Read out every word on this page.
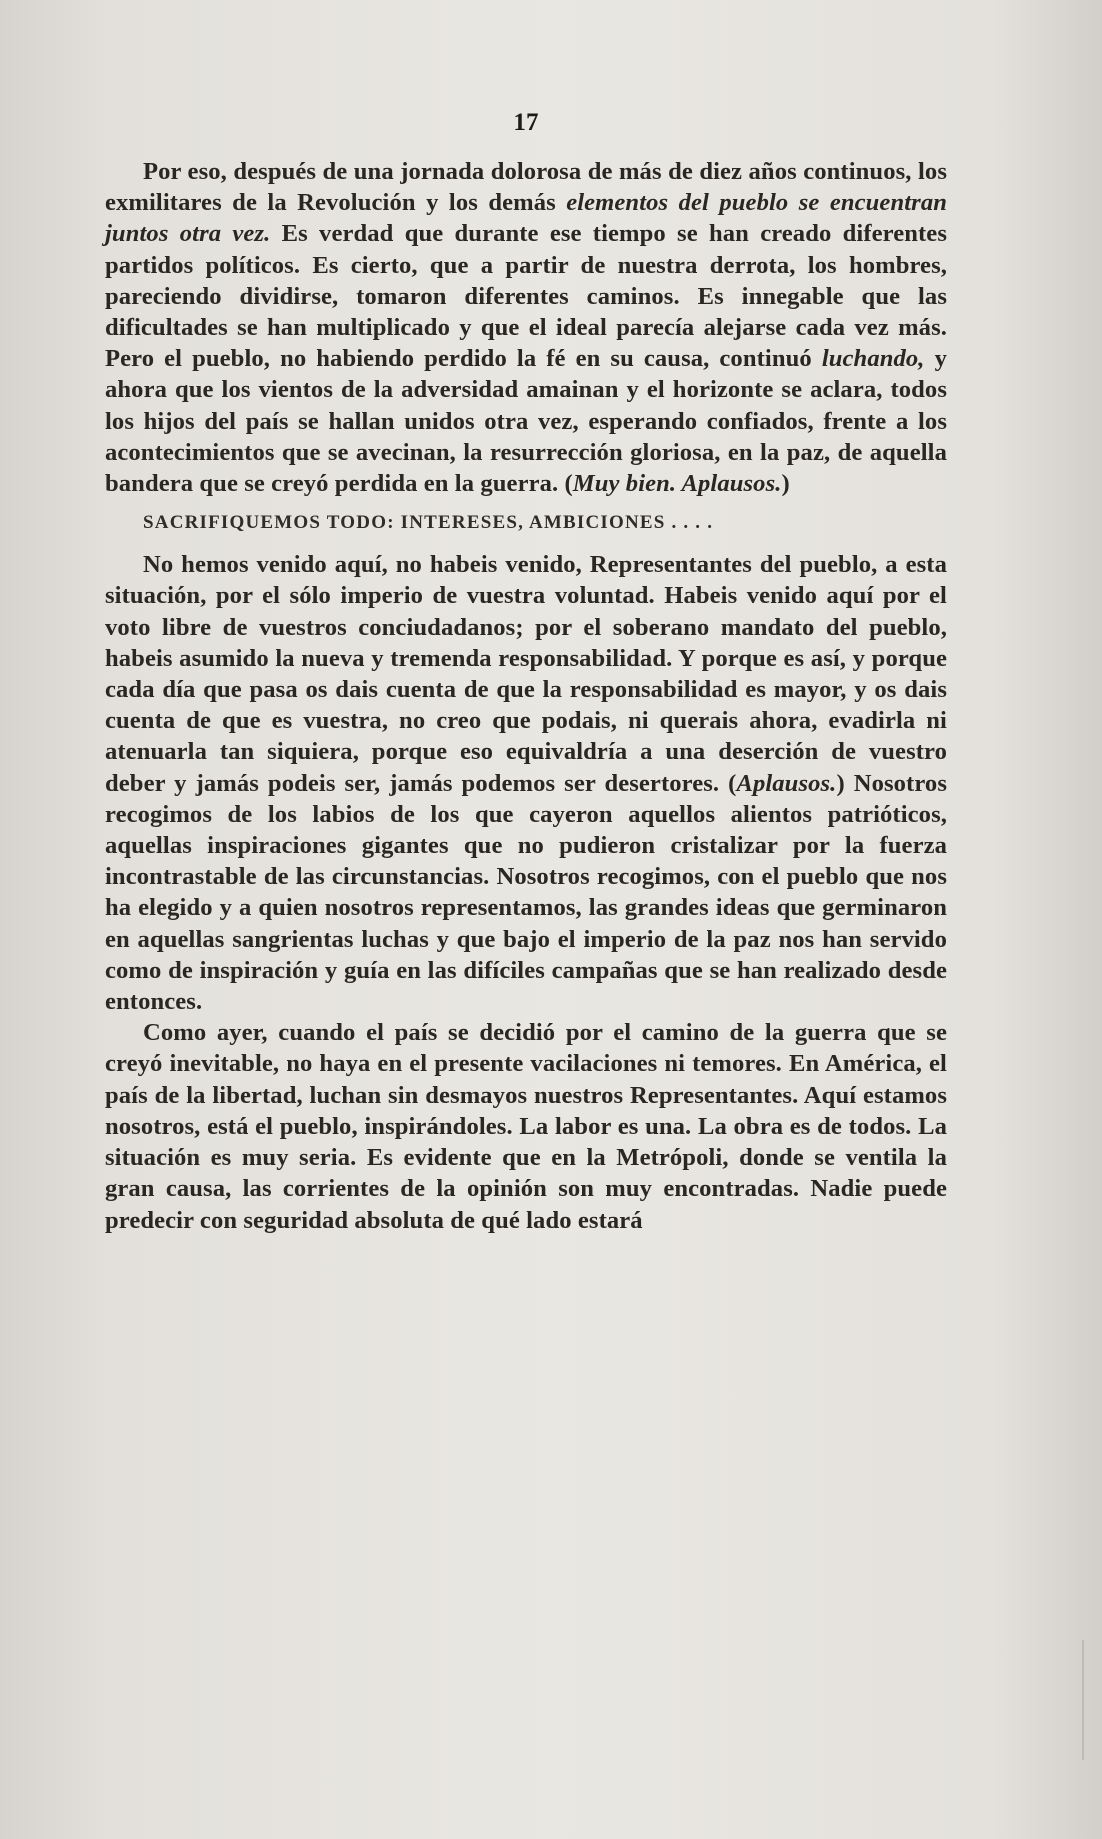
17

Por eso, después de una jornada dolorosa de más de diez años continuos, los exmilitares de la Revolución y los demás elementos del pueblo se encuentran juntos otra vez. Es verdad que durante ese tiempo se han creado diferentes partidos políticos. Es cierto, que a partir de nuestra derrota, los hombres, pareciendo dividirse, tomaron diferentes caminos. Es innegable que las dificultades se han multiplicado y que el ideal parecía alejarse cada vez más. Pero el pueblo, no habiendo perdido la fé en su causa, continuó luchando, y ahora que los vientos de la adversidad amainan y el horizonte se aclara, todos los hijos del país se hallan unidos otra vez, esperando confiados, frente a los acontecimientos que se avecinan, la resurrección gloriosa, en la paz, de aquella bandera que se creyó perdida en la guerra. (Muy bien. Aplausos.)

SACRIFIQUEMOS TODO: INTERESES, AMBICIONES . . . .

No hemos venido aquí, no habeis venido, Representantes del pueblo, a esta situación, por el sólo imperio de vuestra voluntad. Habeis venido aquí por el voto libre de vuestros conciudadanos; por el soberano mandato del pueblo, habeis asumido la nueva y tremenda responsabilidad. Y porque es así, y porque cada día que pasa os dais cuenta de que la responsabilidad es mayor, y os dais cuenta de que es vuestra, no creo que podais, ni querais ahora, evadirla ni atenuarla tan siquiera, porque eso equivaldría a una deserción de vuestro deber y jamás podeis ser, jamás podemos ser desertores. (Aplausos.) Nosotros recogimos de los labios de los que cayeron aquellos alientos patrióticos, aquellas inspiraciones gigantes que no pudieron cristalizar por la fuerza incontrastable de las circunstancias. Nosotros recogimos, con el pueblo que nos ha elegido y a quien nosotros representamos, las grandes ideas que germinaron en aquellas sangrientas luchas y que bajo el imperio de la paz nos han servido como de inspiración y guía en las difíciles campañas que se han realizado desde entonces.

Como ayer, cuando el país se decidió por el camino de la guerra que se creyó inevitable, no haya en el presente vacilaciones ni temores. En América, el país de la libertad, luchan sin desmayos nuestros Representantes. Aquí estamos nosotros, está el pueblo, inspirándoles. La labor es una. La obra es de todos. La situación es muy seria. Es evidente que en la Metrópoli, donde se ventila la gran causa, las corrientes de la opinión son muy encontradas. Nadie puede predecir con seguridad absoluta de qué lado estará
